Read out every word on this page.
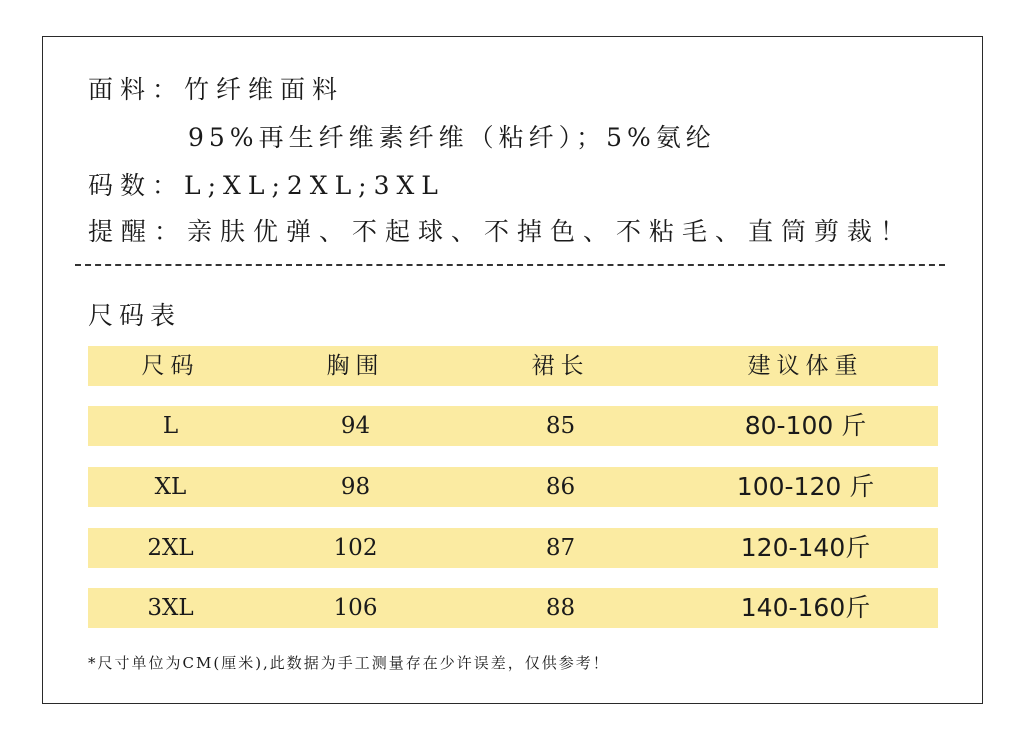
面料：竹纤维面料
95%再生纤维素纤维（粘纤）；5%氨纶
码数：L;XL;2XL;3XL
提醒：亲肤优弹、不起球、不掉色、不粘毛、直筒剪裁！
尺码表
尺码	胸围	裙长	建议体重
L	94	85	80-100 斤
XL	98	86	100-120 斤
2XL	102	87	120-140斤
3XL	106	88	140-160斤
*尺寸单位为CM(厘米),此数据为手工测量存在少许误差，仅供参考！
